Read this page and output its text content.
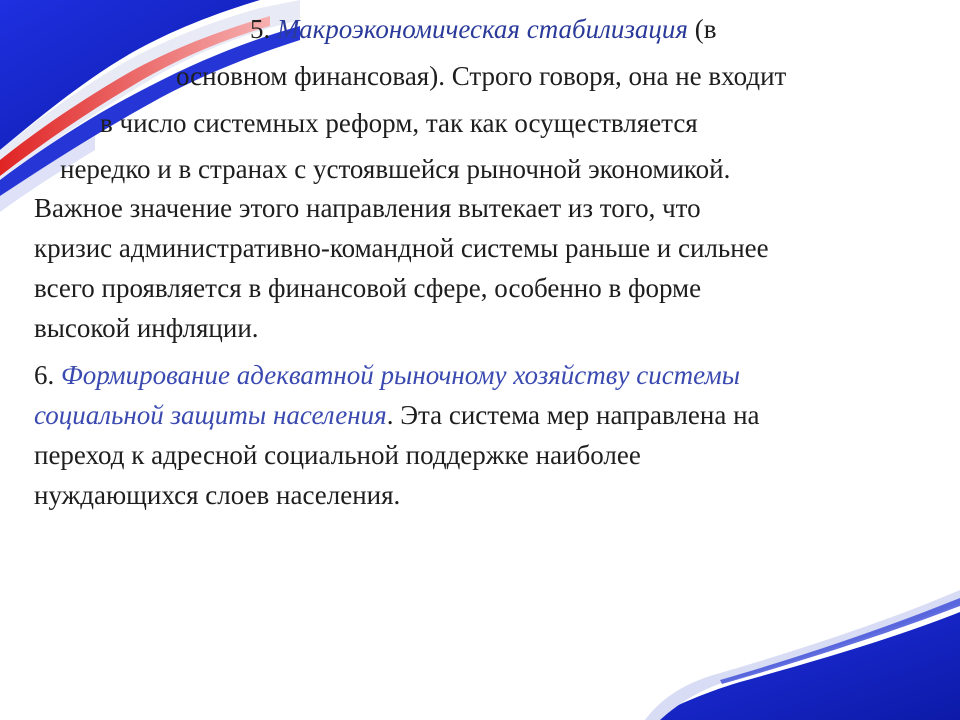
5. Макроэкономическая стабилизация (в

основном финансовая). Строго говоря, она не входит

в число системных реформ, так как осуществляется

нередко и в странах с устоявшейся рыночной экономикой.

Важное значение этого направления вытекает из того, что

кризис административно-командной системы раньше и сильнее

всего проявляется в финансовой сфере, особенно в форме

высокой инфляции.

6. Формирование адекватной рыночному хозяйству системы

социальной защиты населения. Эта система мер направлена на

переход к адресной социальной поддержке наиболее

нуждающихся слоев населения.
